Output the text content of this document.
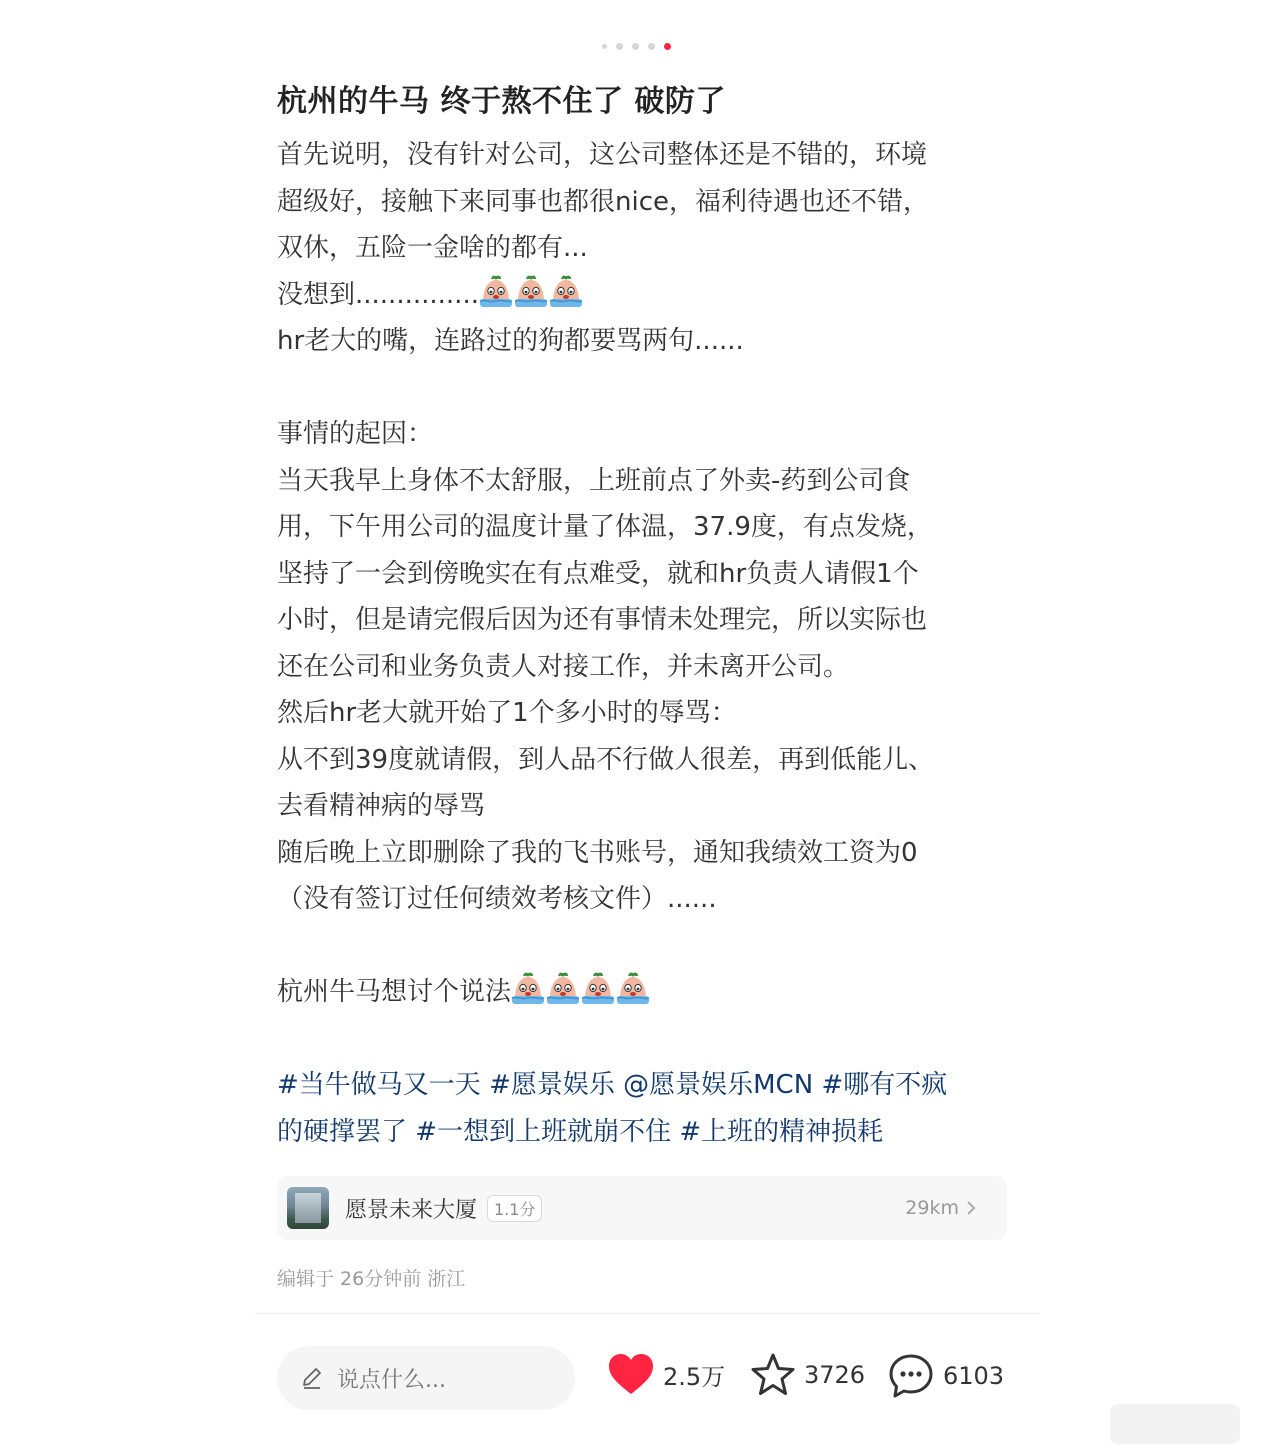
杭州的牛马 终于熬不住了 破防了
首先说明，没有针对公司，这公司整体还是不错的，环境
超级好，接触下来同事也都很nice，福利待遇也还不错，
双休，五险一金啥的都有...
没想到...............
hr老大的嘴，连路过的狗都要骂两句......
事情的起因：
当天我早上身体不太舒服，上班前点了外卖-药到公司食
用，下午用公司的温度计量了体温，37.9度，有点发烧，
坚持了一会到傍晚实在有点难受，就和hr负责人请假1个
小时，但是请完假后因为还有事情未处理完，所以实际也
还在公司和业务负责人对接工作，并未离开公司。
然后hr老大就开始了1个多小时的辱骂：
从不到39度就请假，到人品不行做人很差，再到低能儿、
去看精神病的辱骂
随后晚上立即删除了我的飞书账号，通知我绩效工资为0
（没有签订过任何绩效考核文件）......
杭州牛马想讨个说法
#当牛做马又一天 #愿景娱乐 @愿景娱乐MCN #哪有不疯
的硬撑罢了 #一想到上班就崩不住 #上班的精神损耗
愿景未来大厦	1.1分	29km
编辑于 26分钟前 浙江
说点什么...	2.5万	3726	6103
